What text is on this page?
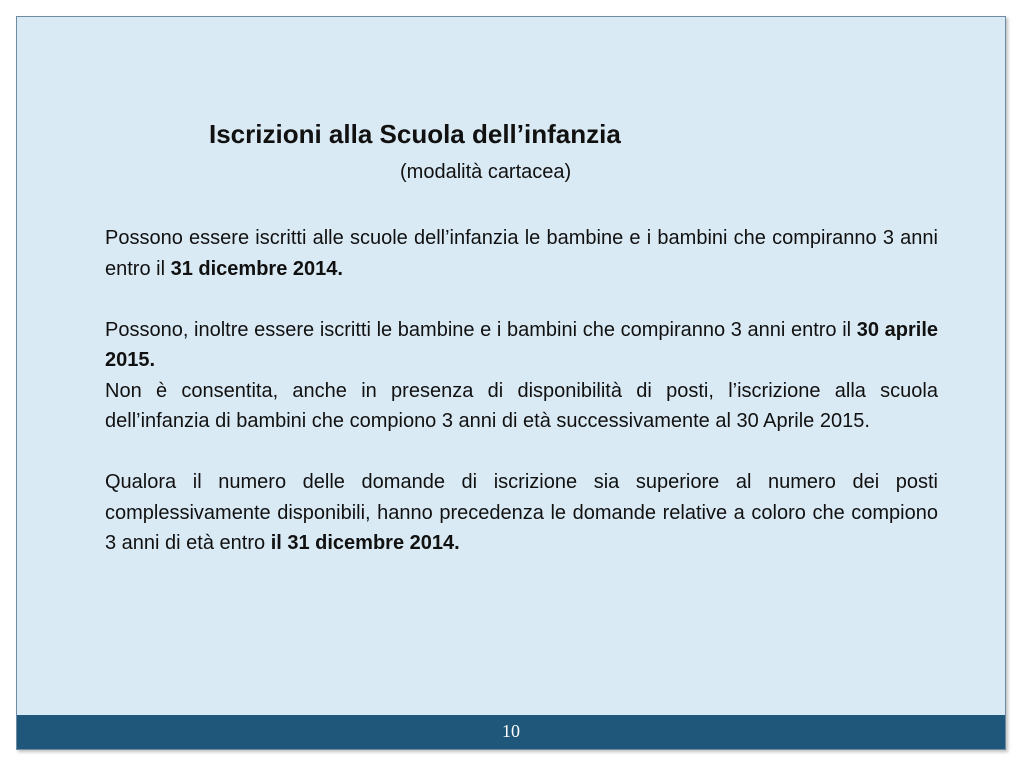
Iscrizioni alla Scuola dell’infanzia
(modalità cartacea)

Possono essere iscritti alle scuole dell’infanzia le bambine e i bambini che compiranno 3 anni entro il 31 dicembre 2014.

Possono, inoltre essere iscritti le bambine e i bambini che compiranno 3 anni entro il 30 aprile 2015.

Non è consentita, anche in presenza di disponibilità di posti, l’iscrizione alla scuola dell’infanzia di bambini che compiono 3 anni di età successivamente al 30 Aprile 2015.

Qualora il numero delle domande di iscrizione sia superiore al numero dei posti complessivamente disponibili, hanno precedenza le domande relative a coloro che compiono 3 anni di età entro il 31 dicembre 2014.

10
